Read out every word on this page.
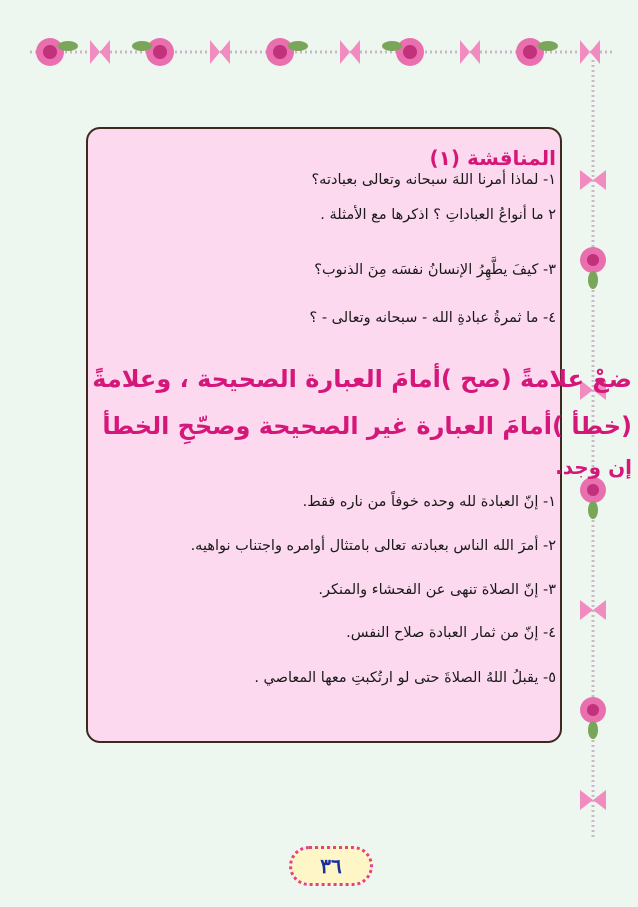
المناقشة (١)
١- لماذا أمرنا اللهَ سبحانه وتعالى بعبادته؟
٢ ما أنواعُ العباداتِ ؟ اذكرها مع الأمثلة .
٣- كيفَ يطَّهِرُ الإنسانُ نفسَه مِنَ الذنوب؟
٤- ما ثمرةُ عبادةِ الله - سبحانه وتعالى - ؟
ضعْ علامةً (صح )أمامَ العبارة الصحيحة ، وعلامةً
(خطأ )أمامَ العبارة غير الصحيحة وصحّحِ الخطأ
إن وجد.
١- إنّ العبادة لله وحده خوفاً من ناره فقط.
٢- أمرَ الله الناس بعبادته تعالى بامتثال أوامره واجتناب نواهيه.
٣- إنّ الصلاة تنهى عن الفحشاء والمنكر.
٤- إنّ من ثمار العبادة صلاح النفس.
٥- يقبلُ اللهُ الصلاةَ حتى لو ارتُكبتِ معها المعاصي .
٣٦
